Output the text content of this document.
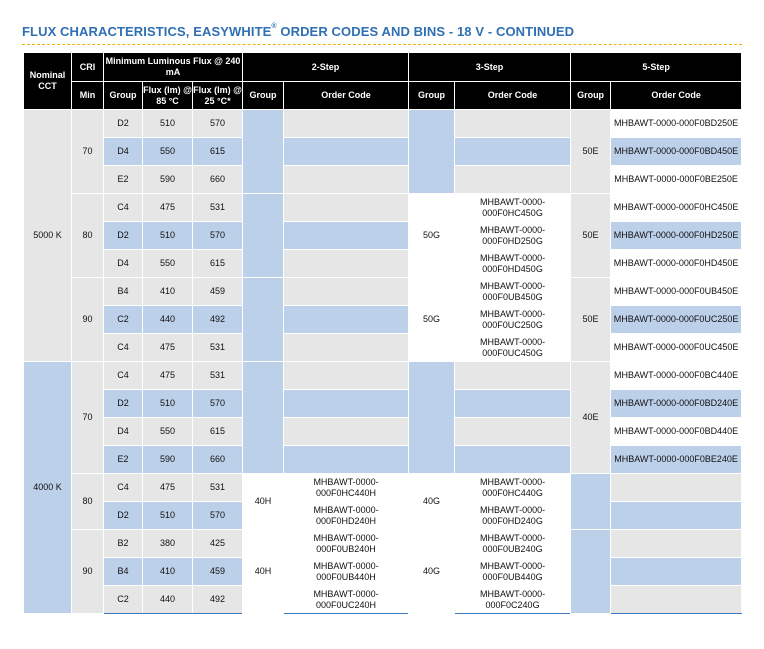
FLUX CHARACTERISTICS, EASYWHITE® ORDER CODES AND BINS - 18 V - CONTINUED
Nominal CCT	CRI	Minimum Luminous Flux @ 240 mA			2-Step		3-Step		5-Step	
	Min	Group	Flux (lm) @ 85 °C	Flux (lm) @ 25 °C*	Group	Order Code	Group	Order Code	Group	Order Code
5000 K	70	D2	510	570					50E	MHBAWT-0000-000F0BD250E
		D4	550	615						MHBAWT-0000-000F0BD450E
		E2	590	660						MHBAWT-0000-000F0BE250E
	80	C4	475	531			50G	MHBAWT-0000-000F0HC450G	50E	MHBAWT-0000-000F0HC450E
		D2	510	570				MHBAWT-0000-000F0HD250G		MHBAWT-0000-000F0HD250E
		D4	550	615				MHBAWT-0000-000F0HD450G		MHBAWT-0000-000F0HD450E
	90	B4	410	459			50G	MHBAWT-0000-000F0UB450G	50E	MHBAWT-0000-000F0UB450E
		C2	440	492				MHBAWT-0000-000F0UC250G		MHBAWT-0000-000F0UC250E
		C4	475	531				MHBAWT-0000-000F0UC450G		MHBAWT-0000-000F0UC450E
4000 K	70	C4	475	531					40E	MHBAWT-0000-000F0BC440E
		D2	510	570						MHBAWT-0000-000F0BD240E
		D4	550	615						MHBAWT-0000-000F0BD440E
		E2	590	660						MHBAWT-0000-000F0BE240E
	80	C4	475	531	40H	MHBAWT-0000-000F0HC440H	40G	MHBAWT-0000-000F0HC440G		
		D2	510	570		MHBAWT-0000-000F0HD240H		MHBAWT-0000-000F0HD240G		
	90	B2	380	425	40H	MHBAWT-0000-000F0UB240H	40G	MHBAWT-0000-000F0UB240G		
		B4	410	459		MHBAWT-0000-000F0UB440H		MHBAWT-0000-000F0UB440G		
		C2	440	492		MHBAWT-0000-000F0UC240H		MHBAWT-0000-000F0C240G		
